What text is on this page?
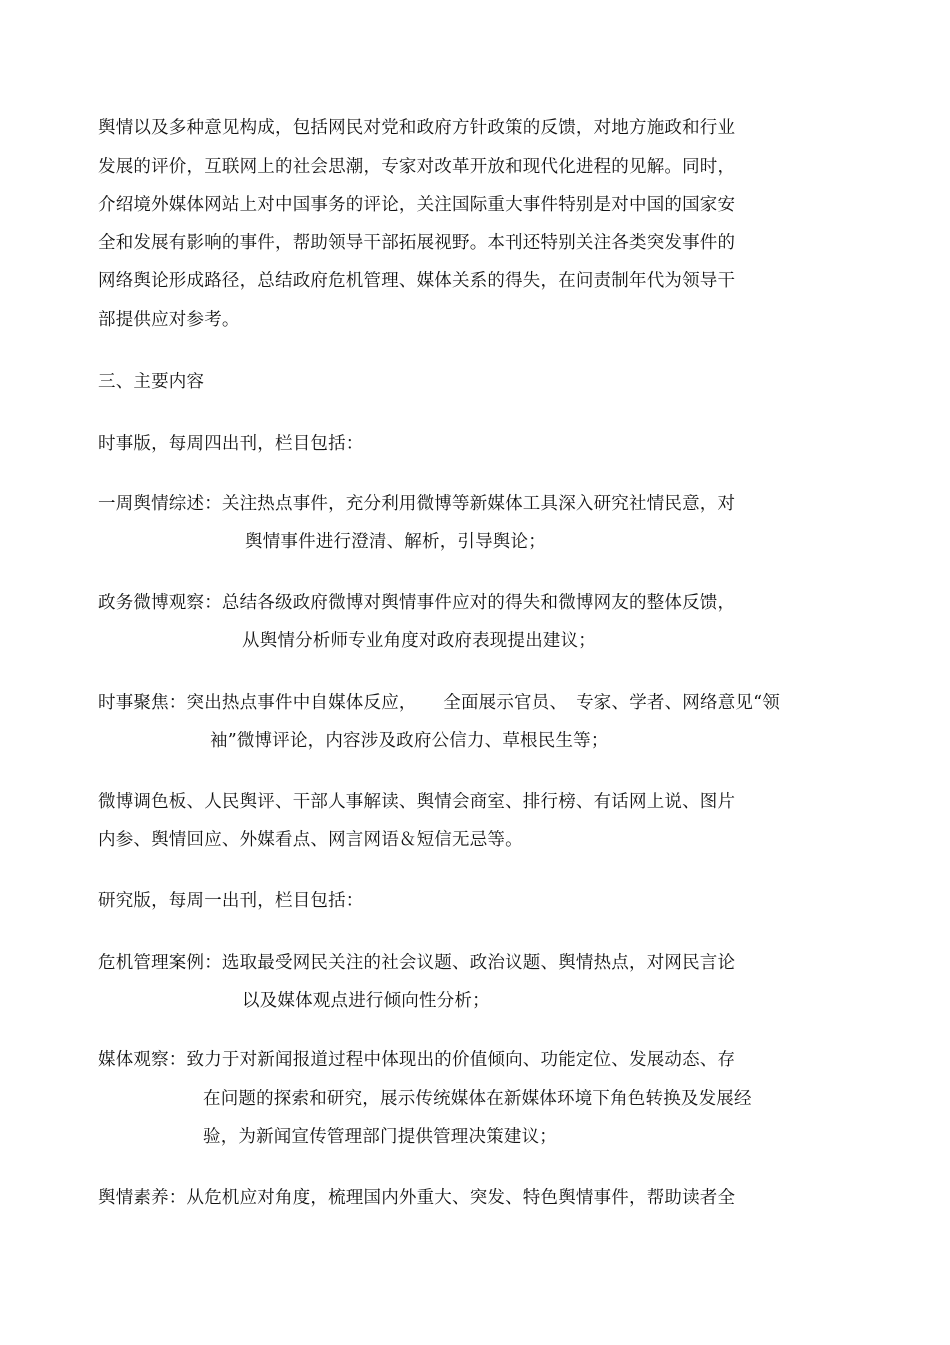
舆情以及多种意见构成，包括网民对党和政府方针政策的反馈，对地方施政和行业
发展的评价，互联网上的社会思潮，专家对改革开放和现代化进程的见解。同时，
介绍境外媒体网站上对中国事务的评论，关注国际重大事件特别是对中国的国家安
全和发展有影响的事件，帮助领导干部拓展视野。本刊还特别关注各类突发事件的
网络舆论形成路径，总结政府危机管理、媒体关系的得失，在问责制年代为领导干
部提供应对参考。
三、主要内容
时事版，每周四出刊，栏目包括：
一周舆情综述：关注热点事件，充分利用微博等新媒体工具深入研究社情民意，对
舆情事件进行澄清、解析，引导舆论；
政务微博观察：总结各级政府微博对舆情事件应对的得失和微博网友的整体反馈，
从舆情分析师专业角度对政府表现提出建议；
时事聚焦：突出热点事件中自媒体反应，　　全面展示官员、　专家、学者、网络意见“领
袖”微博评论，内容涉及政府公信力、草根民生等；
微博调色板、人民舆评、干部人事解读、舆情会商室、排行榜、有话网上说、图片
内参、舆情回应、外媒看点、网言网语＆短信无忌等。
研究版，每周一出刊，栏目包括：
危机管理案例：选取最受网民关注的社会议题、政治议题、舆情热点，对网民言论
以及媒体观点进行倾向性分析；
媒体观察：致力于对新闻报道过程中体现出的价值倾向、功能定位、发展动态、存
在问题的探索和研究，展示传统媒体在新媒体环境下角色转换及发展经
验，为新闻宣传管理部门提供管理决策建议；
舆情素养：从危机应对角度，梳理国内外重大、突发、特色舆情事件，帮助读者全
